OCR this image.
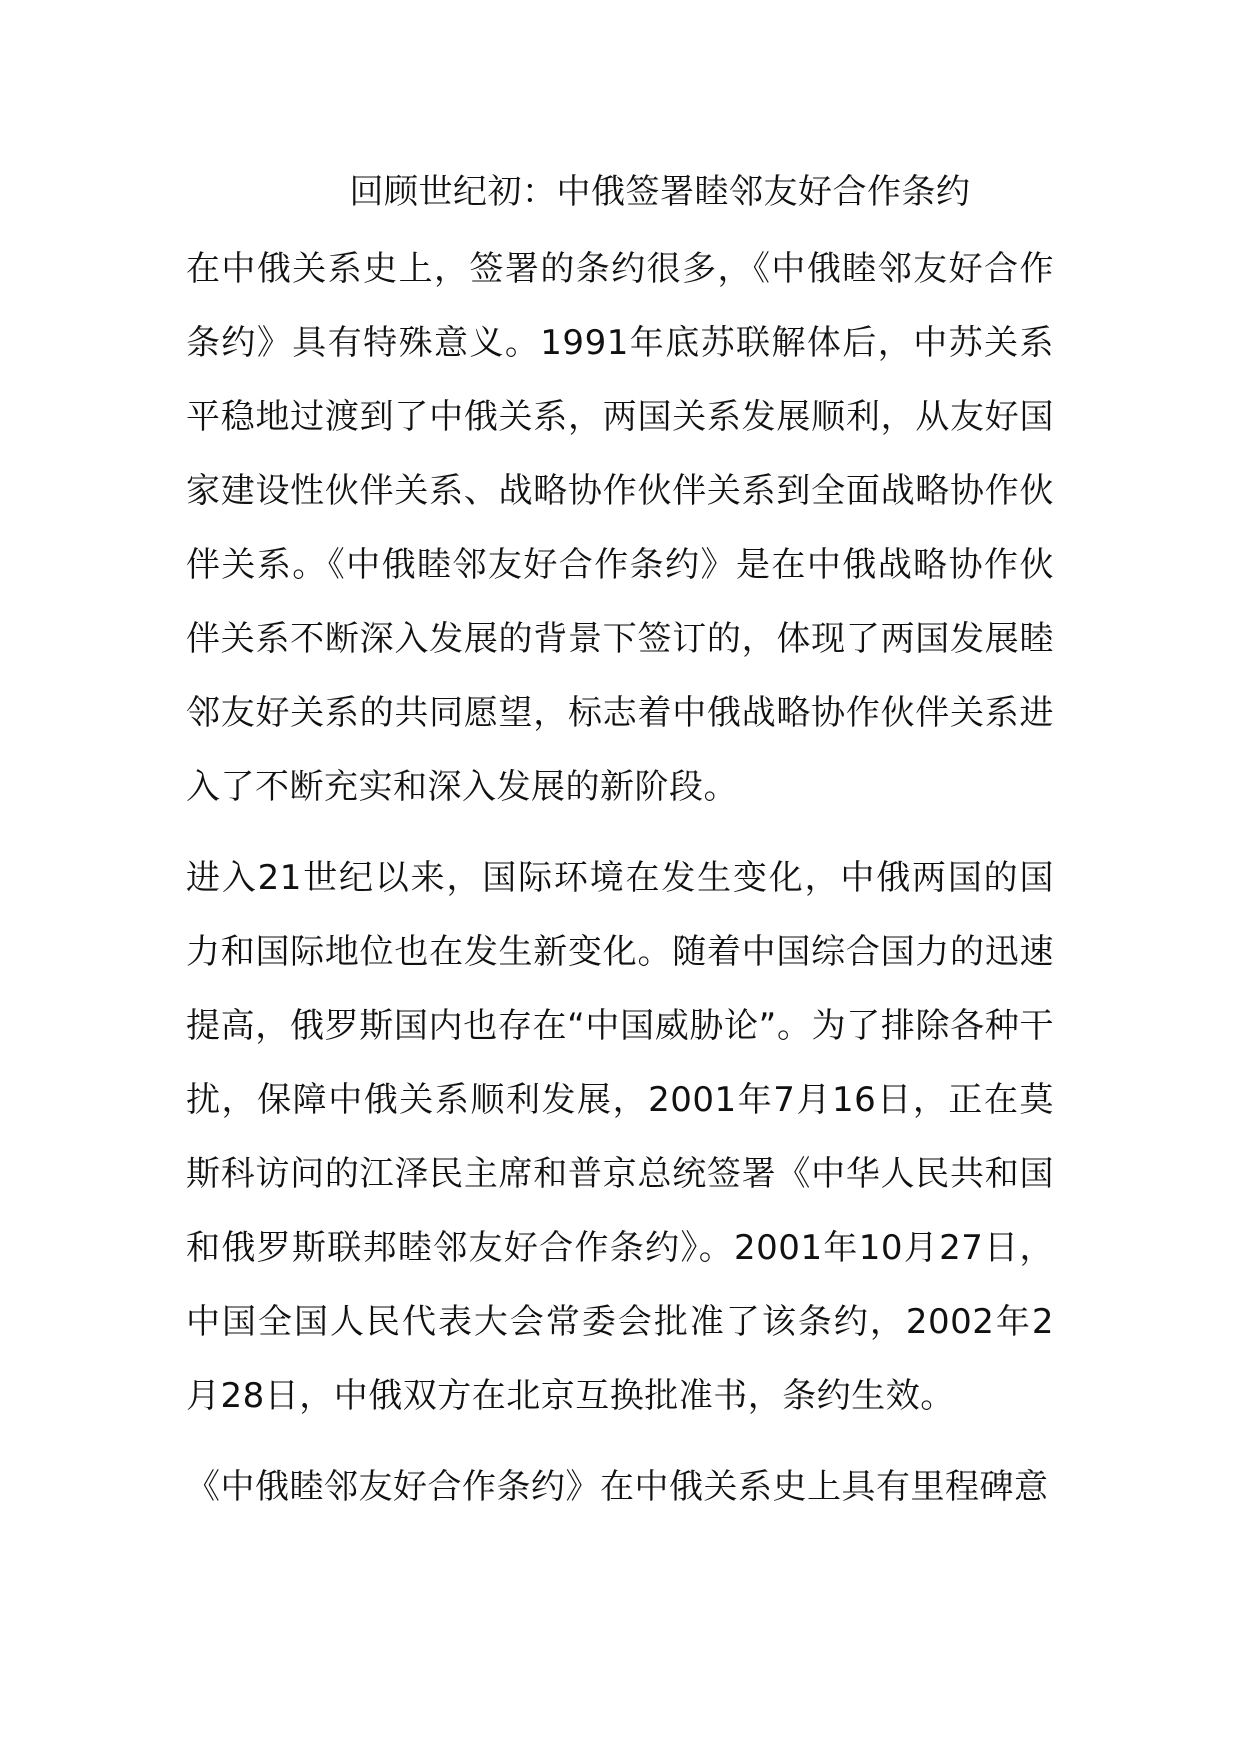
回顾世纪初：中俄签署睦邻友好合作条约

在中俄关系史上，签署的条约很多，《中俄睦邻友好合作条约》具有特殊意义。1991年底苏联解体后，中苏关系平稳地过渡到了中俄关系，两国关系发展顺利，从友好国家建设性伙伴关系、战略协作伙伴关系到全面战略协作伙伴关系。《中俄睦邻友好合作条约》是在中俄战略协作伙伴关系不断深入发展的背景下签订的，体现了两国发展睦邻友好关系的共同愿望，标志着中俄战略协作伙伴关系进入了不断充实和深入发展的新阶段。

进入21世纪以来，国际环境在发生变化，中俄两国的国力和国际地位也在发生新变化。随着中国综合国力的迅速提高，俄罗斯国内也存在“中国威胁论”。为了排除各种干扰，保障中俄关系顺利发展，2001年7月16日，正在莫斯科访问的江泽民主席和普京总统签署《中华人民共和国和俄罗斯联邦睦邻友好合作条约》。2001年10月27日，中国全国人民代表大会常委会批准了该条约，2002年2月28日，中俄双方在北京互换批准书，条约生效。

《中俄睦邻友好合作条约》在中俄关系史上具有里程碑意
